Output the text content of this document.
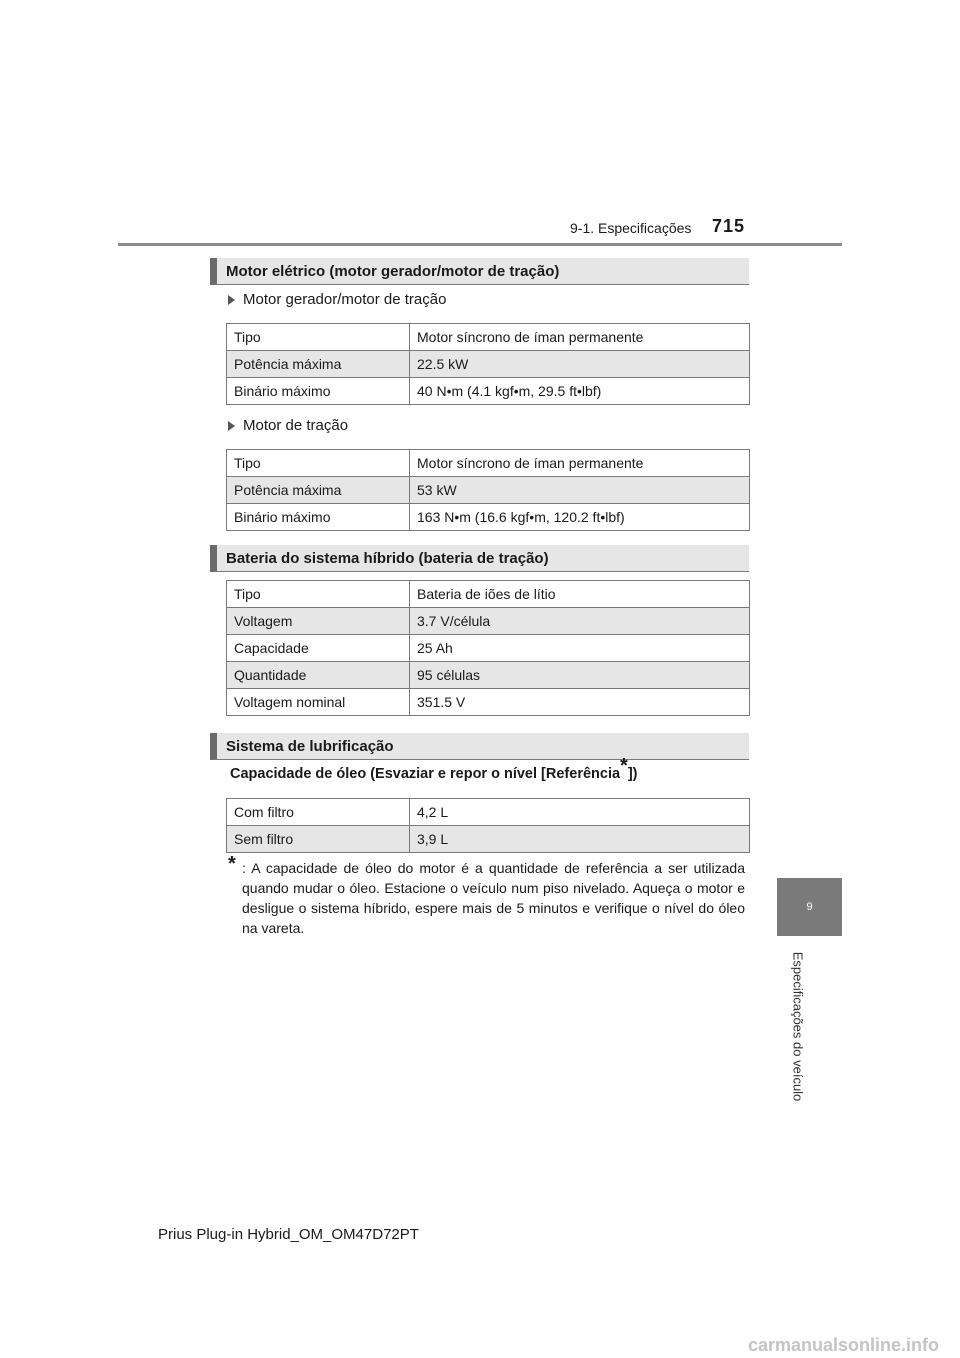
9-1. Especificações 715
9
Especificações do veículo
Motor elétrico (motor gerador/motor de tração)
Motor gerador/motor de tração
Tipo	Motor síncrono de íman permanente
Potência máxima	22.5 kW
Binário máximo	40 N•m (4.1 kgf•m, 29.5 ft•lbf)
Motor de tração
Tipo	Motor síncrono de íman permanente
Potência máxima	53 kW
Binário máximo	163 N•m (16.6 kgf•m, 120.2 ft•lbf)
Bateria do sistema híbrido (bateria de tração)
Tipo	Bateria de iões de lítio
Voltagem	3.7 V/célula
Capacidade	25 Ah
Quantidade	95 células
Voltagem nominal	351.5 V
Sistema de lubrificação
Capacidade de óleo (Esvaziar e repor o nível [Referência*])
Com filtro	4,2 L
Sem filtro	3,9 L
* : A capacidade de óleo do motor é a quantidade de referência a ser utilizada quando mudar o óleo. Estacione o veículo num piso nivelado. Aqueça o motor e desligue o sistema híbrido, espere mais de 5 minutos e verifique o nível do óleo na vareta.
Prius Plug-in Hybrid_OM_OM47D72PT
carmanualsonline.info
